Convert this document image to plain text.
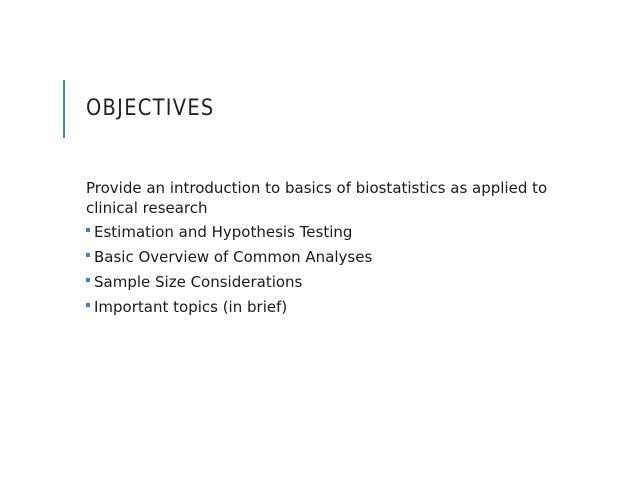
OBJECTIVES

Provide an introduction to basics of biostatistics as applied to clinical research

Estimation and Hypothesis Testing
Basic Overview of Common Analyses
Sample Size Considerations
Important topics (in brief)
